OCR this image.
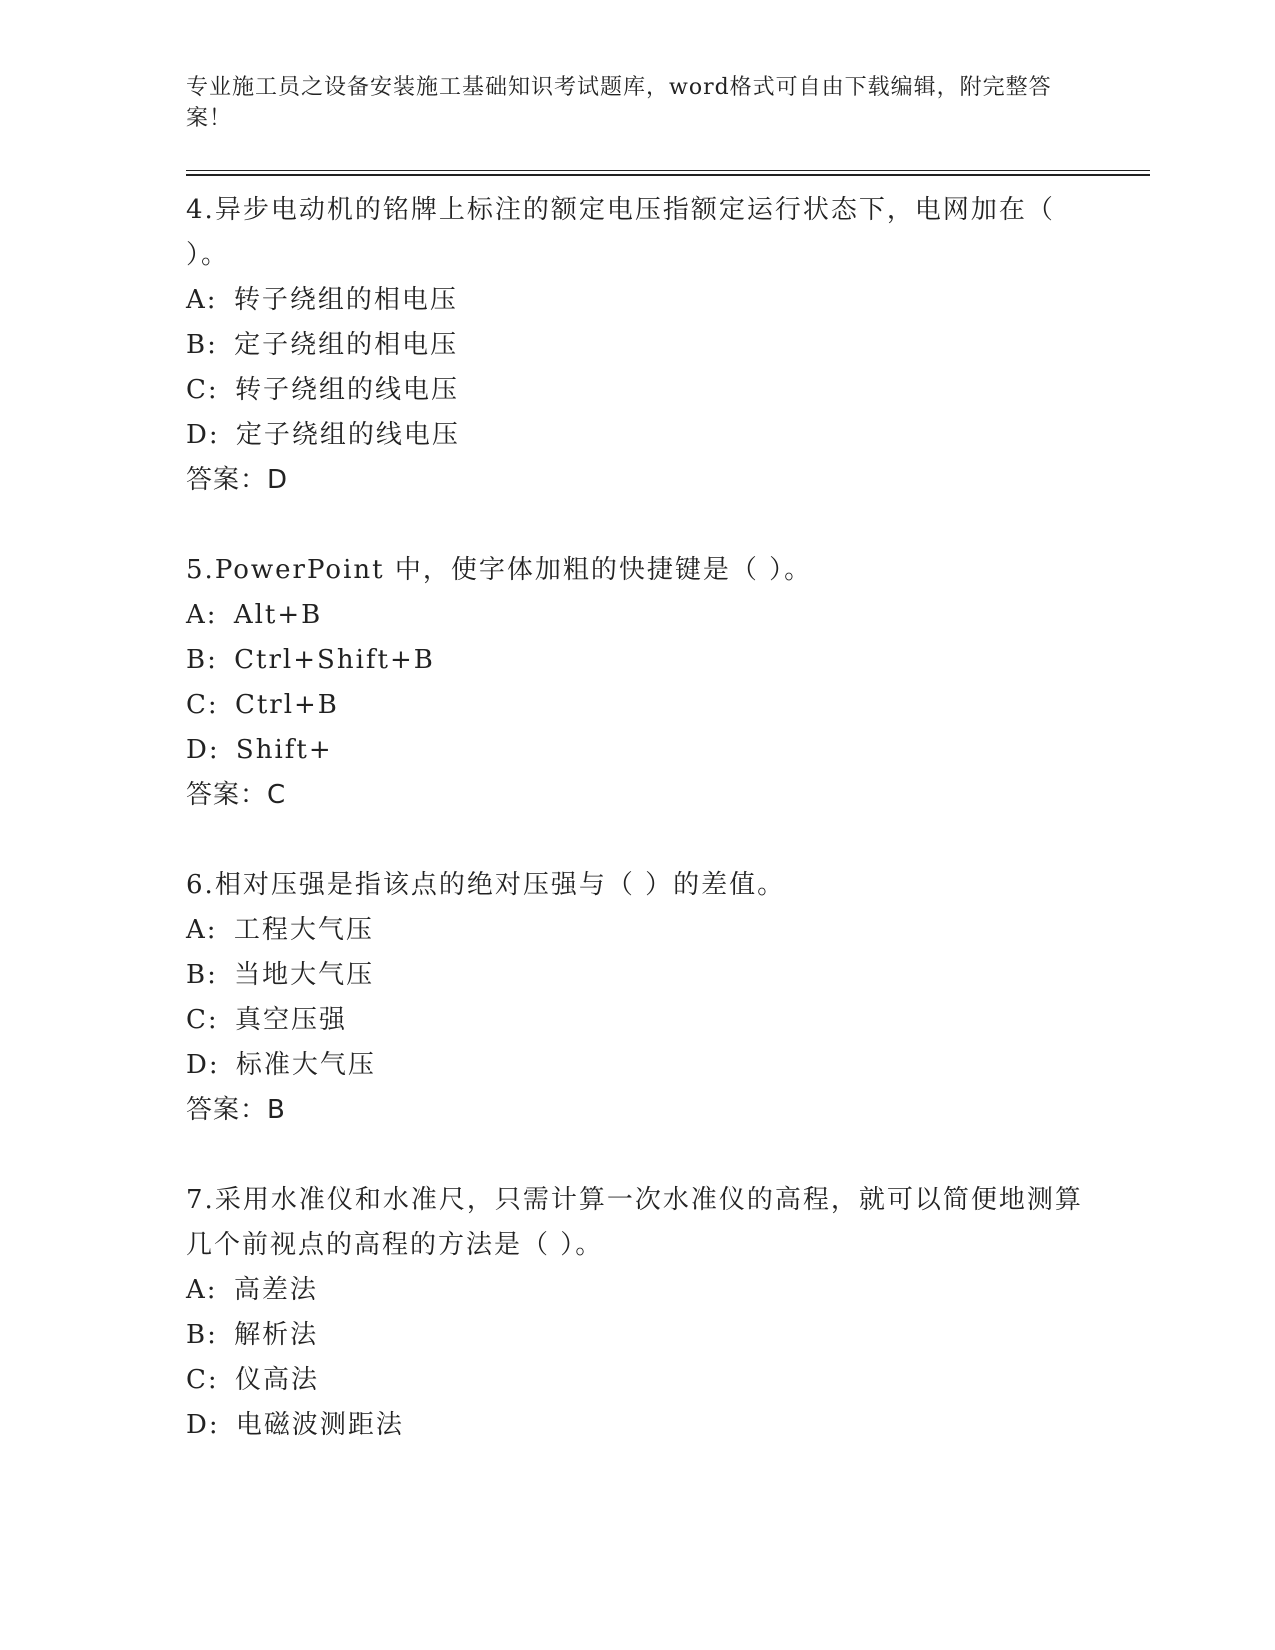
专业施工员之设备安装施工基础知识考试题库，word格式可自由下载编辑，附完整答案！

4 . 异步电动机的铭牌上标注的额定电压指额定运行状态下，电网加在（ ）。

A : 转子绕组的相电压

B : 定子绕组的相电压

C : 转子绕组的线电压

D : 定子绕组的线电压

答案：D

5 . PowerPoint 中，使字体加粗的快捷键是（ ）。

A : Alt+B

B : Ctrl+Shift+B

C : Ctrl+B

D : Shift+

答案：C

6 . 相对压强是指该点的绝对压强与（ ）的差值。

A : 工程大气压

B : 当地大气压

C : 真空压强

D : 标准大气压

答案：B

7 . 采用水准仪和水准尺，只需计算一次水准仪的高程，就可以简便地测算几个前视点的高程的方法是（ ）。

A : 高差法

B : 解析法

C : 仪高法

D : 电磁波测距法
